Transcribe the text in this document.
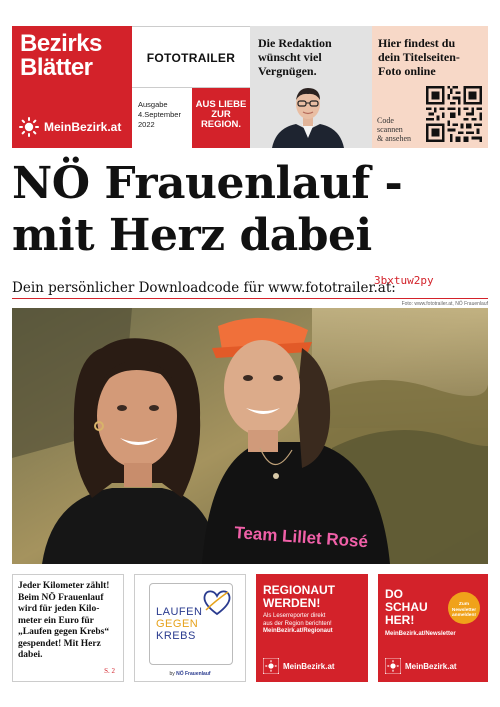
Bezirks
Blätter
MeinBezirk.at
FOTOTRAILER
Ausgabe
4.September
2022
AUS LIEBE
ZUR
REGION.
Die Redaktion
wünscht viel
Vergnügen.
Hier findest du
dein Titelseiten-
Foto online
Code
scannen
& ansehen
NÖ Frauenlauf -
mit Herz dabei
Dein persönlicher Downloadcode für www.fototrailer.at:
3bxtuw2py
Foto: www.fototrailer.at, NÖ Frauenlauf
Team Lillet Rosé
Jeder Kilometer zählt!
Beim NÖ Frauenlauf
wird für jeden Kilo-
meter ein Euro für
„Laufen gegen Krebs“
gespendet! Mit Herz
dabei.
S. 2
LAUFEN
GEGEN
KREBS
by NÖ Frauenlauf
REGIONAUT
WERDEN!
Als Leserreporter direkt
aus der Region berichten!
MeinBezirk.at/Regionaut
MeinBezirk.at
DO
SCHAU
HER!
Zum
Newsletter
anmelden!
MeinBezirk.at/Newsletter
MeinBezirk.at
